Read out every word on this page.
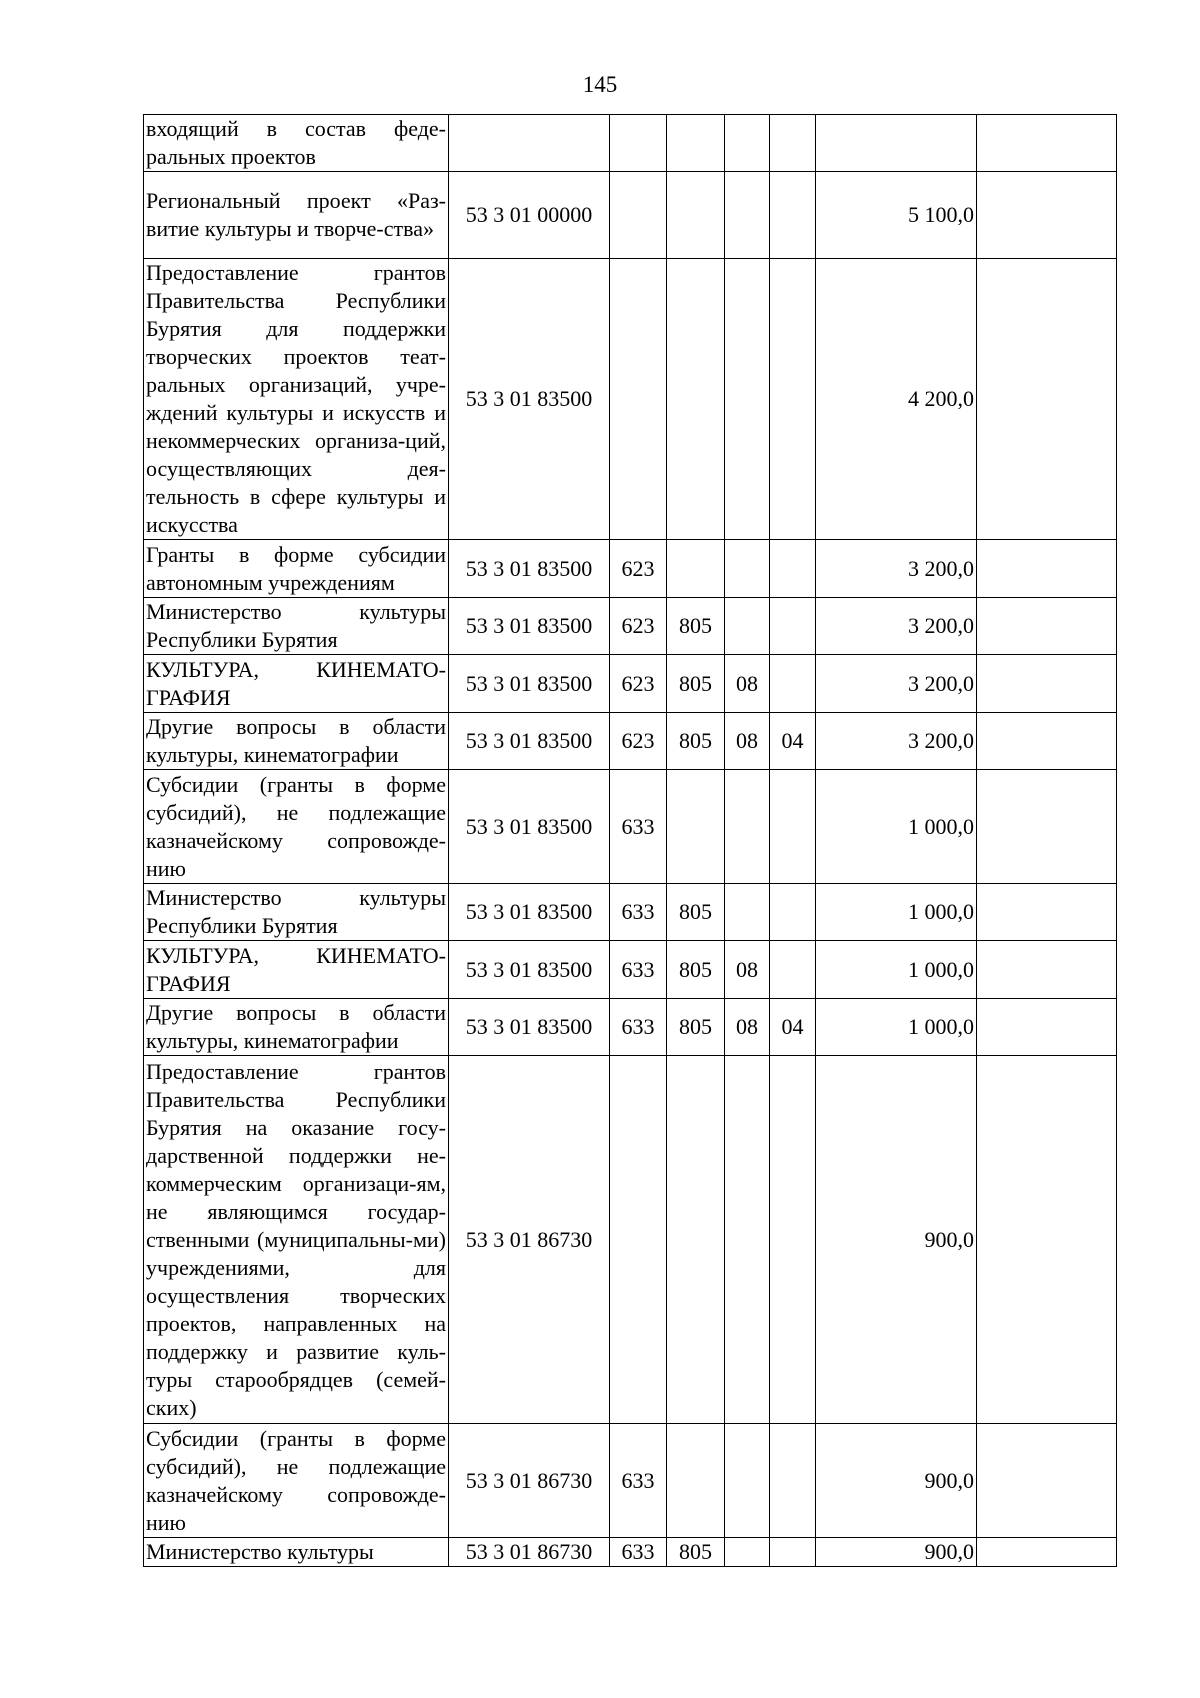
145
входящий в состав феде-ральных проектов							
Региональный проект «Раз-витие культуры и творче-ства»	53 3 01 00000					5 100,0	
Предоставление грантов Правительства Республики Бурятия для поддержки творческих проектов теат-ральных организаций, учре-ждений культуры и искусств и некоммерческих организа-ций, осуществляющих дея-тельность в сфере культуры и искусства	53 3 01 83500					4 200,0	
Гранты в форме субсидии автономным учреждениям	53 3 01 83500	623				3 200,0	
Министерство культуры Республики Бурятия	53 3 01 83500	623	805			3 200,0	
КУЛЬТУРА, КИНЕМАТО-ГРАФИЯ	53 3 01 83500	623	805	08		3 200,0	
Другие вопросы в области культуры, кинематографии	53 3 01 83500	623	805	08	04	3 200,0	
Субсидии (гранты в форме субсидий), не подлежащие казначейскому сопровожде-нию	53 3 01 83500	633				1 000,0	
Министерство культуры Республики Бурятия	53 3 01 83500	633	805			1 000,0	
КУЛЬТУРА, КИНЕМАТО-ГРАФИЯ	53 3 01 83500	633	805	08		1 000,0	
Другие вопросы в области культуры, кинематографии	53 3 01 83500	633	805	08	04	1 000,0	
Предоставление грантов Правительства Республики Бурятия на оказание госу-дарственной поддержки не-коммерческим организаци-ям, не являющимся государ-ственными (муниципальны-ми) учреждениями, для осуществления творческих проектов, направленных на поддержку и развитие куль-туры старообрядцев (семей-ских)	53 3 01 86730					900,0	
Субсидии (гранты в форме субсидий), не подлежащие казначейскому сопровожде-нию	53 3 01 86730	633				900,0	
Министерство культуры	53 3 01 86730	633	805			900,0	
